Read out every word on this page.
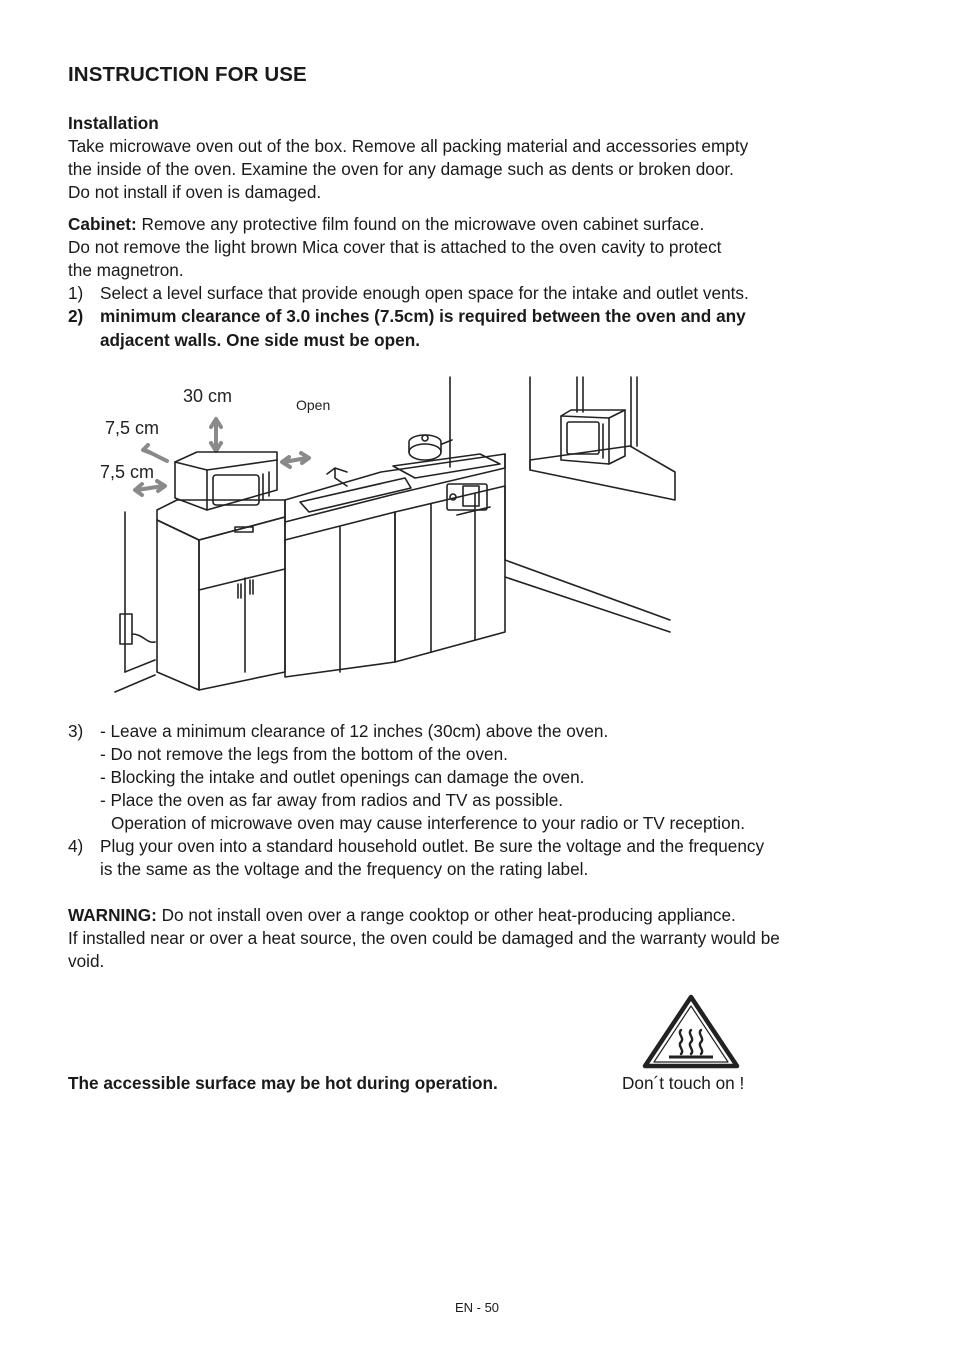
INSTRUCTION FOR USE
Installation
Take microwave oven out of the box. Remove all packing material and accessories empty
the inside of the oven. Examine the oven for any damage such as dents or broken door.
Do not install if oven is damaged.
Cabinet: Remove any protective film found on the microwave oven cabinet surface.
Do not remove the light brown Mica cover that is attached to the oven cavity to protect
the magnetron.
1) Select a level surface that provide enough open space for the intake and outlet vents.
2) minimum clearance of 3.0 inches (7.5cm) is required between the oven and any
adjacent walls. One side must be open.
30 cm
7,5 cm
7,5 cm
Open
3) - Leave a minimum clearance of 12 inches (30cm) above the oven.
- Do not remove the legs from the bottom of the oven.
- Blocking the intake and outlet openings can damage the oven.
- Place the oven as far away from radios and TV as possible.
Operation of microwave oven may cause interference to your radio or TV reception.
4) Plug your oven into a standard household outlet. Be sure the voltage and the frequency
is the same as the voltage and the frequency on the rating label.
WARNING: Do not install oven over a range cooktop or other heat-producing appliance.
If installed near or over a heat source, the oven could be damaged and the warranty would be
void.
The accessible surface may be hot during operation.	Don´t touch on !
EN - 50
